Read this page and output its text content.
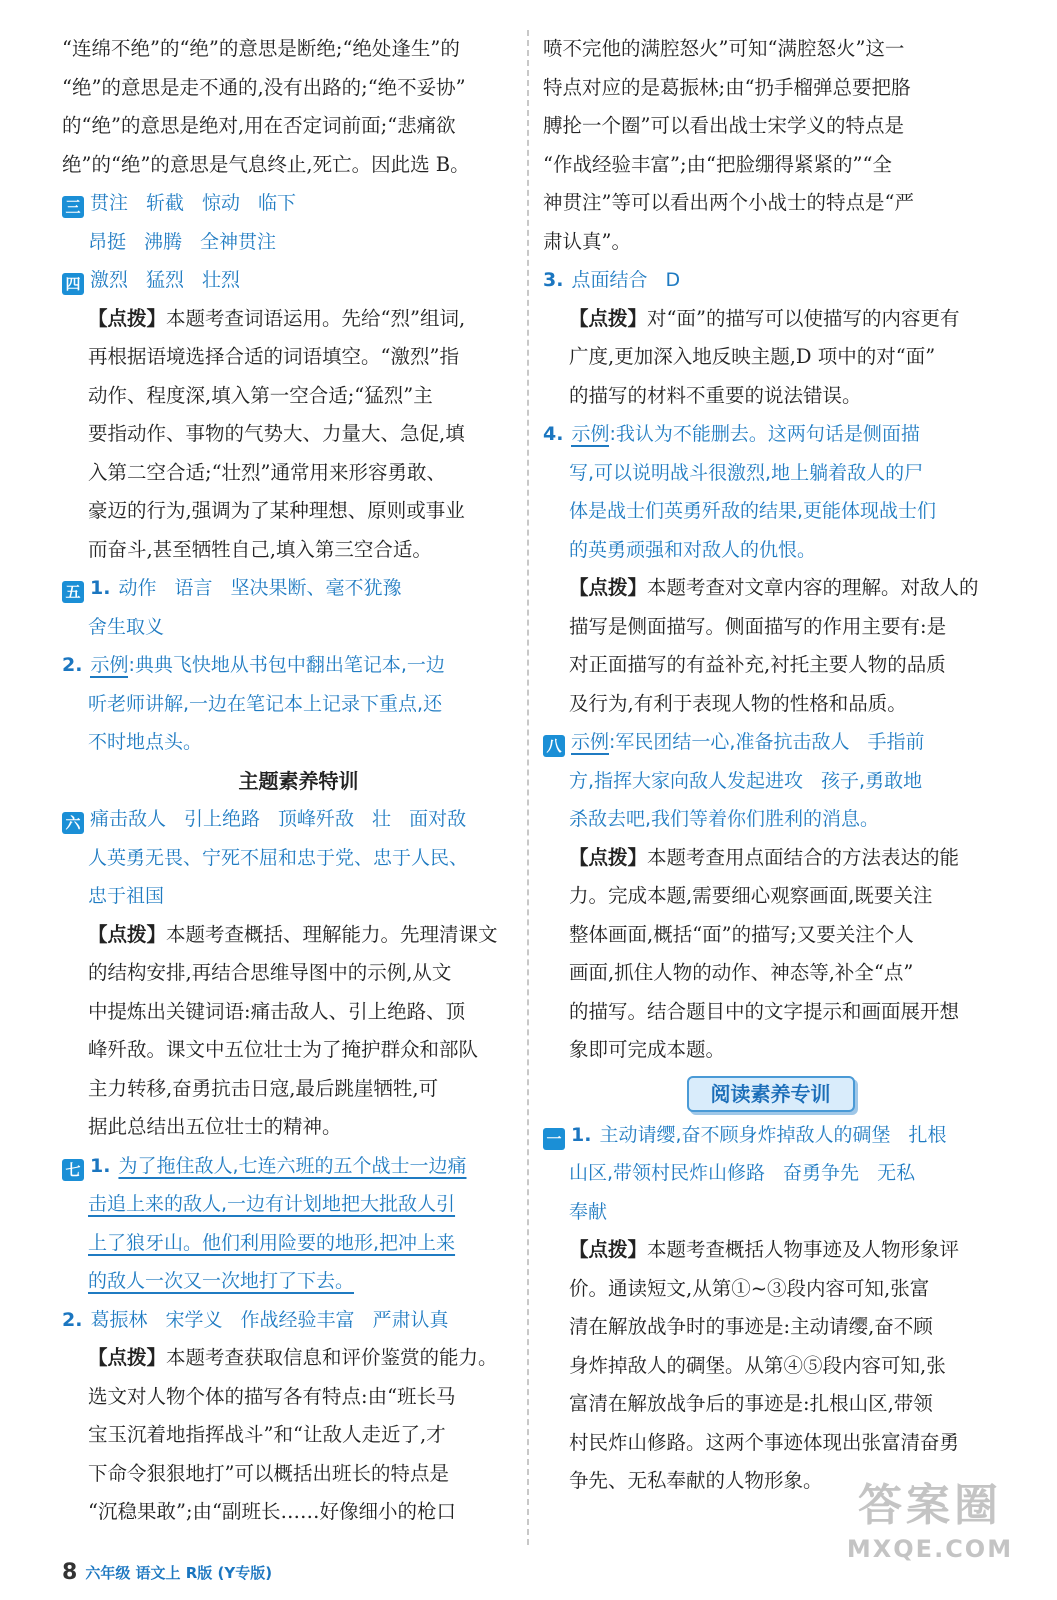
“连绵不绝”的“绝”的意思是断绝;“绝处逢生”的

“绝”的意思是走不通的,没有出路的;“绝不妥协”

的“绝”的意思是绝对,用在否定词前面;“悲痛欲

绝”的“绝”的意思是气息终止,死亡。因此选 B。

三 贯注 斩截 惊动 临下

昂挺 沸腾 全神贯注

四 激烈 猛烈 壮烈

【点拨】本题考查词语运用。先给“烈”组词,

再根据语境选择合适的词语填空。“激烈”指

动作、程度深,填入第一空合适;“猛烈”主

要指动作、事物的气势大、力量大、急促,填

入第二空合适;“壮烈”通常用来形容勇敢、

豪迈的行为,强调为了某种理想、原则或事业

而奋斗,甚至牺牲自己,填入第三空合适。

五 1. 动作 语言 坚决果断、毫不犹豫

舍生取义

2. 示例:典典飞快地从书包中翻出笔记本,一边

听老师讲解,一边在笔记本上记录下重点,还

不时地点头。

主题素养特训

六 痛击敌人 引上绝路 顶峰歼敌 壮 面对敌

人英勇无畏、宁死不屈和忠于党、忠于人民、

忠于祖国

【点拨】本题考查概括、理解能力。先理清课文

的结构安排,再结合思维导图中的示例,从文

中提炼出关键词语:痛击敌人、引上绝路、顶

峰歼敌。课文中五位壮士为了掩护群众和部队

主力转移,奋勇抗击日寇,最后跳崖牺牲,可

据此总结出五位壮士的精神。

七 1. 为了拖住敌人,七连六班的五个战士一边痛

击追上来的敌人,一边有计划地把大批敌人引

上了狼牙山。他们利用险要的地形,把冲上来

的敌人一次又一次地打了下去。

2. 葛振林 宋学义 作战经验丰富 严肃认真

【点拨】本题考查获取信息和评价鉴赏的能力。

选文对人物个体的描写各有特点:由“班长马

宝玉沉着地指挥战斗”和“让敌人走近了,才

下命令狠狠地打”可以概括出班长的特点是

“沉稳果敢”;由“副班长……好像细小的枪口

喷不完他的满腔怒火”可知“满腔怒火”这一

特点对应的是葛振林;由“扔手榴弹总要把胳

膊抡一个圈”可以看出战士宋学义的特点是

“作战经验丰富”;由“把脸绷得紧紧的”“全

神贯注”等可以看出两个小战士的特点是“严

肃认真”。

3. 点面结合 D

【点拨】对“面”的描写可以使描写的内容更有

广度,更加深入地反映主题,D 项中的对“面”

的描写的材料不重要的说法错误。

4. 示例:我认为不能删去。这两句话是侧面描

写,可以说明战斗很激烈,地上躺着敌人的尸

体是战士们英勇歼敌的结果,更能体现战士们

的英勇顽强和对敌人的仇恨。

【点拨】本题考查对文章内容的理解。对敌人的

描写是侧面描写。侧面描写的作用主要有:是

对正面描写的有益补充,衬托主要人物的品质

及行为,有利于表现人物的性格和品质。

八 示例:军民团结一心,准备抗击敌人 手指前

方,指挥大家向敌人发起进攻 孩子,勇敢地

杀敌去吧,我们等着你们胜利的消息。

【点拨】本题考查用点面结合的方法表达的能

力。完成本题,需要细心观察画面,既要关注

整体画面,概括“面”的描写;又要关注个人

画面,抓住人物的动作、神态等,补全“点”

的描写。结合题目中的文字提示和画面展开想

象即可完成本题。

阅读素养专训

一 1. 主动请缨,奋不顾身炸掉敌人的碉堡 扎根

山区,带领村民炸山修路 奋勇争先 无私

奉献

【点拨】本题考查概括人物事迹及人物形象评

价。通读短文,从第①~③段内容可知,张富

清在解放战争时的事迹是:主动请缨,奋不顾

身炸掉敌人的碉堡。从第④⑤段内容可知,张

富清在解放战争后的事迹是:扎根山区,带领

村民炸山修路。这两个事迹体现出张富清奋勇

争先、无私奉献的人物形象。

8 六年级 语文上 R版 (Y专版)
答案圈
MXQE.COM
